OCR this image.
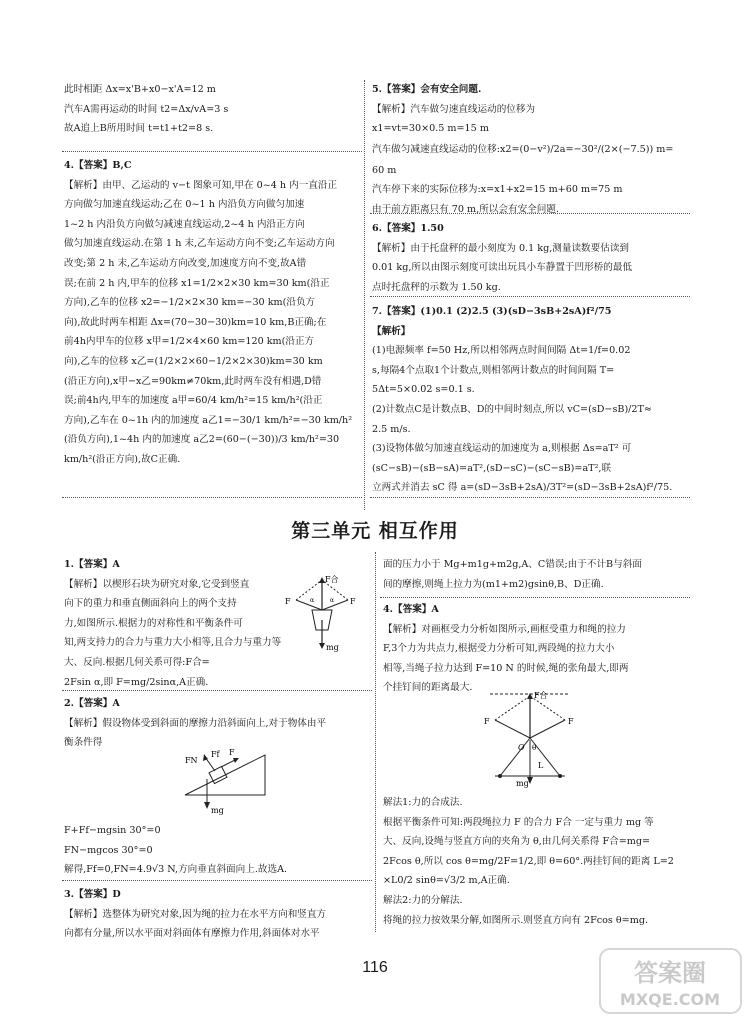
此时相距 Δx=x'B+x0−x'A=12 m
汽车A需再运动的时间 t2=Δx/vA=3 s
故A追上B所用时间 t=t1+t2=8 s.
4.【答案】B,C
【解析】由甲、乙运动的 v−t 图象可知,甲在 0~4 h 内一直沿正
方向做匀加速直线运动;乙在 0~1 h 内沿负方向做匀加速
1~2 h 内沿负方向做匀减速直线运动,2~4 h 内沿正方向
做匀加速直线运动.在第 1 h 末,乙车运动方向不变;乙车运动方向
改变;第 2 h 末,乙车运动方向改变,加速度方向不变,故A错
误;在前 2 h 内,甲车的位移 x1=1/2×2×30 km=30 km(沿正
方向),乙车的位移 x2=−1/2×2×30 km=−30 km(沿负方
向),故此时两车相距 Δx=(70−30−30)km=10 km,B正确;在
前4h内甲车的位移 x甲=1/2×4×60 km=120 km(沿正方
向),乙车的位移 x乙=(1/2×2×60−1/2×2×30)km=30 km
(沿正方向),x甲−x乙=90km≠70km,此时两车没有相遇,D错
误;前4h内,甲车的加速度 a甲=60/4 km/h²=15 km/h²(沿正
方向),乙车在 0~1h 内的加速度 a乙1=−30/1 km/h²=−30 km/h²
(沿负方向),1~4h 内的加速度 a乙2=(60−(−30))/3 km/h²=30
km/h²(沿正方向),故C正确.
5.【答案】会有安全问题.
【解析】汽车做匀速直线运动的位移为
x1=vt=30×0.5 m=15 m
汽车做匀减速直线运动的位移:x2=(0−v²)/2a=−30²/(2×(−7.5)) m=
60 m
汽车停下来的实际位移为:x=x1+x2=15 m+60 m=75 m
由于前方距离只有 70 m,所以会有安全问题.
6.【答案】1.50
【解析】由于托盘秤的最小刻度为 0.1 kg,测量读数要估读到
0.01 kg,所以由图示刻度可读出玩具小车静置于凹形桥的最低
点时托盘秤的示数为 1.50 kg.
7.【答案】(1)0.1 (2)2.5 (3)(sD−3sB+2sA)f²/75
【解析】
(1)电源频率 f=50 Hz,所以相邻两点时间间隔 Δt=1/f=0.02
s,每隔4个点取1个计数点,则相邻两计数点的时间间隔 T=
5Δt=5×0.02 s=0.1 s.
(2)计数点C是计数点B、D的中间时刻点,所以 vC=(sD−sB)/2T≈
2.5 m/s.
(3)设物体做匀加速直线运动的加速度为 a,则根据 Δs=aT² 可
(sC−sB)−(sB−sA)=aT²,(sD−sC)−(sC−sB)=aT²,联
立两式并消去 sC 得 a=(sD−3sB+2sA)/3T²=(sD−3sB+2sA)f²/75.
第三单元 相互作用
1.【答案】A
【解析】以楔形石块为研究对象,它受到竖直
向下的重力和垂直侧面斜向上的两个支持
力,如图所示.根据力的对称性和平衡条件可
知,两支持力的合力与重力大小相等,且合力与重力等
大、反向.根据几何关系可得:F合=
2Fsin α,即 F=mg/2sinα,A正确.
F合
F	F
α	α
mg
2.【答案】A
【解析】假设物体受到斜面的摩擦力沿斜面向上,对于物体由平
衡条件得
FN
Ff F
mg
F+Ff−mgsin 30°=0
FN−mgcos 30°=0
解得,Ff=0,FN=4.9√3 N,方向垂直斜面向上.故选A.
3.【答案】D
【解析】选整体为研究对象,因为绳的拉力在水平方向和竖直方
向都有分量,所以水平面对斜面体有摩擦力作用,斜面体对水平
面的压力小于 Mg+m1g+m2g,A、C错误;由于不计B与斜面
间的摩擦,则绳上拉力为(m1+m2)gsinθ,B、D正确.
4.【答案】A
【解析】对画框受力分析如图所示,画框受重力和绳的拉力
F,3个力为共点力,根据受力分析可知,两段绳的拉力大小
相等,当绳子拉力达到 F=10 N 的时候,绳的张角最大,即两
个挂钉间的距离最大.
F合
F	F
O θ
mg
L
解法1:力的合成法.
根据平衡条件可知:两段绳拉力 F 的合力 F合 一定与重力 mg 等
大、反向,设绳与竖直方向的夹角为 θ,由几何关系得 F合=mg=
2Fcos θ,所以 cos θ=mg/2F=1/2,即 θ=60°.两挂钉间的距离 L=2
×L0/2 sinθ=√3/2 m,A正确.
解法2:力的分解法.
将绳的拉力按效果分解,如图所示.则竖直方向有 2Fcos θ=mg.
116	答案圈
MXQE.COM
